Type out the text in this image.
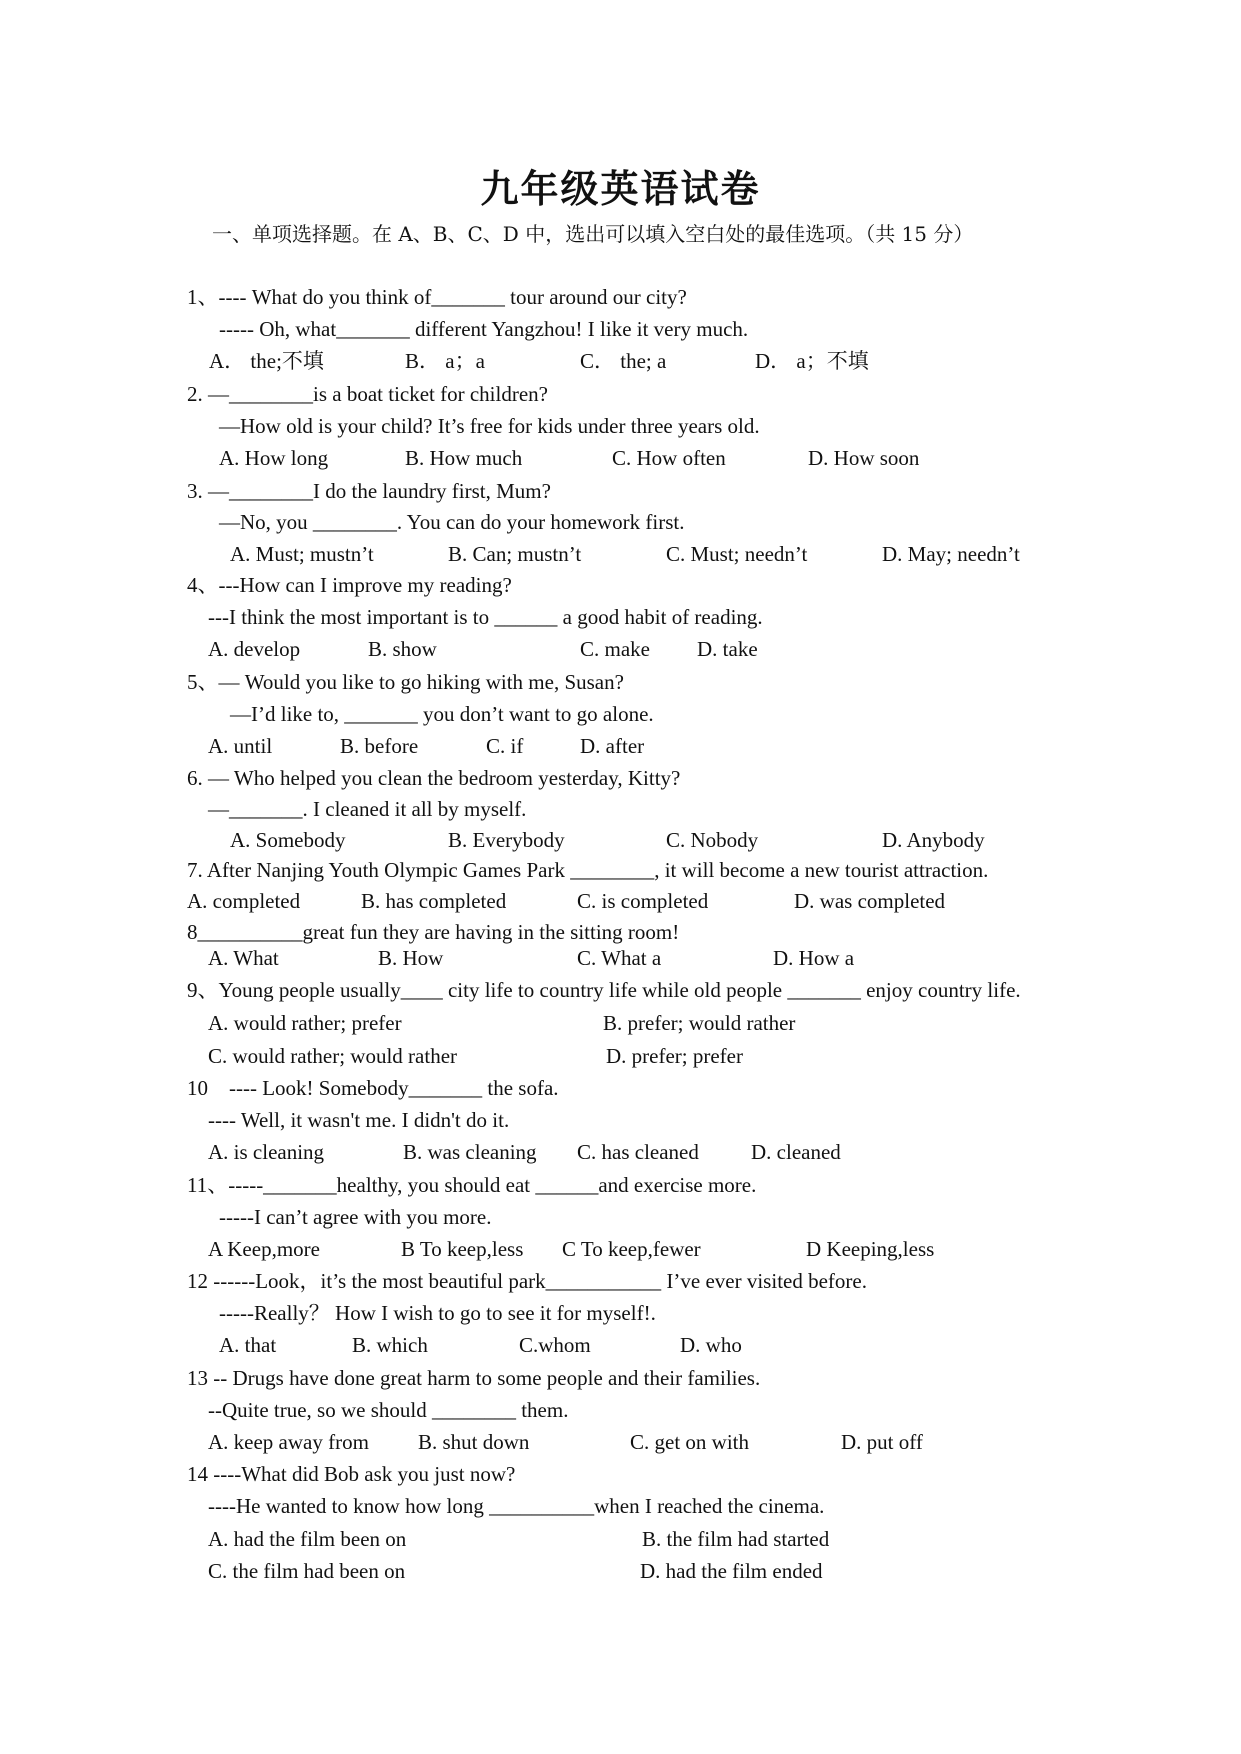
九年级英语试卷
一、单项选择题。在 A、B、C、D 中，选出可以填入空白处的最佳选项。（共 15 分）
1、---- What do you think of_______ tour around our city?
----- Oh, what_______ different Yangzhou! I like it very much.
A． the;不填	B． a；a	C． the; a	D． a；不填
2. —________is a boat ticket for children?
—How old is your child? It’s free for kids under three years old.
A. How long	B. How much	C. How often	D. How soon
3. —________I do the laundry first, Mum?
—No, you ________. You can do your homework first.
A. Must; mustn’t	B. Can; mustn’t	C. Must; needn’t	D. May; needn’t
4、---How can I improve my reading?
---I think the most important is to ______ a good habit of reading.
A. develop	B. show	C. make D. take
5、— Would you like to go hiking with me, Susan?
—I’d like to, _______ you don’t want to go alone.
A. until	B. before	C. if	D. after
6. — Who helped you clean the bedroom yesterday, Kitty?
—_______. I cleaned it all by myself.
A. Somebody	B. Everybody	C. Nobody	D. Anybody
7. After Nanjing Youth Olympic Games Park ________, it will become a new tourist attraction.
A. completed	B. has completed	C. is completed	D. was completed
8__________great fun they are having in the sitting room!
A. What	B. How	C. What a	D. How a
9、Young people usually____ city life to country life while old people _______ enjoy country life.
A. would rather; prefer	B. prefer; would rather
C. would rather; would rather	D. prefer; prefer
10    ---- Look! Somebody_______ the sofa.
---- Well, it wasn't me. I didn't do it.
A. is cleaning	B. was cleaning C. has cleaned D. cleaned
11、-----_______healthy, you should eat ______and exercise more.
-----I can’t agree with you more.
A Keep,more	B To keep,less C To keep,fewer	D Keeping,less
12 ------Look，it’s the most beautiful park___________ I’ve ever visited before.
-----Really？ How I wish to go to see it for myself!.
A. that	B. which	C.whom	D. who
13 -- Drugs have done great harm to some people and their families.
--Quite true, so we should ________ them.
A. keep away from B. shut down	C. get on with	D. put off
14 ----What did Bob ask you just now?
----He wanted to know how long __________when I reached the cinema.
A. had the film been on	B. the film had started
C. the film had been on	D. had the film ended
